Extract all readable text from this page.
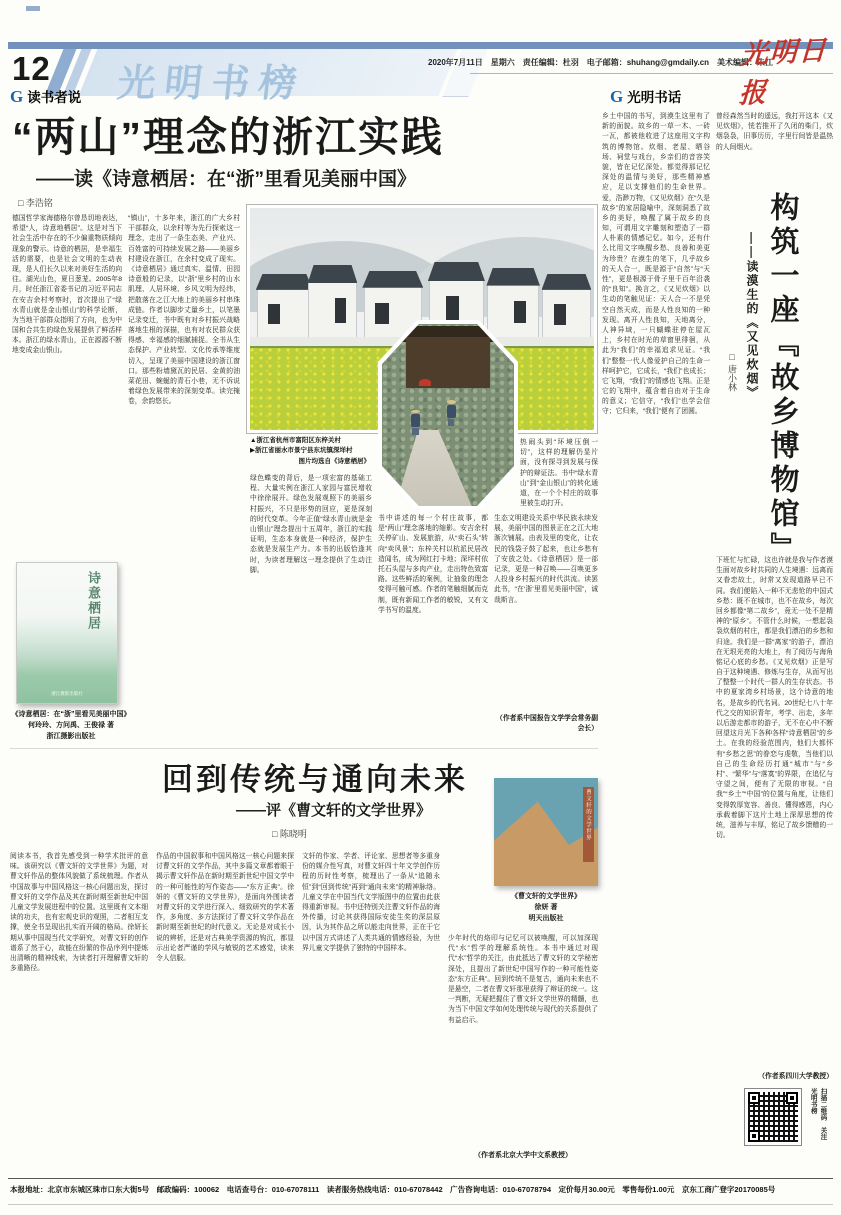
12 光明书榜
2020年7月11日　星期六　责任编辑：杜羽　电子邮箱：shuhang@gmdaily.cn　美术编辑：朱江
光明日报
G 读书者说	G 光明书话
“两山”理念的浙江实践
——读《诗意栖居：在“浙”里看见美丽中国》
□ 李浩铭
德国哲学家海德格尔曾恳切地表达，希望“人，诗意地栖居”。这是对当下社会生活中存在的不少偏重物质倾向现象的警示。诗意的栖居，是幸福生活的需要，也是社会文明的生动表现，是人们长久以来对美好生活的向往。湖光山色，夏日葱茏。2005年8月，时任浙江省委书记的习近平同志在安吉余村考察时，首次提出了“绿水青山就是金山银山”的科学论断，为当地干部群众指明了方向，也为中国和合共生的绿色发展提供了鲜活样本。浙江的绿水青山，正在源源不断地变成金山银山。
“镇山”，十多年来，浙江的广大乡村干部群众，以余村等为先行探索这一理念，走出了一条生态美、产业兴、百姓富的可持续发展之路——美丽乡村建设在浙江，在余村变成了现实。《诗意栖居》通过真实、温情、田园诗意般的记录，以“浙”里乡村的山水肌理、人居环境、乡风文明为经纬，把散落在之江大地上的美丽乡村串珠成链。作者以脚步丈量乡土，以笔墨记录变迁，书中既有对乡村振兴战略落地生根的深描，也有对农民群众获得感、幸福感的细腻捕捉。全书从生态保护、产业转型、文化传承等维度切入，呈现了美丽中国建设的浙江窗口。那些粉墙黛瓦的民居、金黄的油菜花田、蜿蜒的青石小巷，无不诉说着绿色发展带来的深刻变革。读完掩卷，余韵悠长。
诗意栖居
浙江摄影出版社
《诗意栖居：在“浙”里看见美丽中国》
何玲玲、方问禹、王俊禄 著
浙江摄影出版社
▲浙江省杭州市富阳区东梓关村
▶浙江省丽水市景宁县东坑镇深垟村
图片均选自《诗意栖居》
绿色蝶变的背后，是一项宏富的基础工程、大量实例在浙江人家园与富民增收中徐徐展开。绿色发展观照下的美丽乡村振兴，不只是形势的回应，更是深刻的时代变革。今年正值“绿水青山就是金山银山”理念提出十五周年，浙江的实践证明，生态本身就是一种经济，保护生态就是发展生产力。本书的出版恰逢其时，为读者理解这一理念提供了生动注脚。
热闹头到“环境压倒一切”，这样的理解仍显片面，没有探寻到发展与保护的辩证法。书中“绿水青山”到“金山银山”的转化通道，在一个个村庄的故事里被生动打开。
书中讲述的每一个村庄故事，都是“两山”理念落地的缩影。安吉余村关停矿山、发展旅游，从“卖石头”转向“卖风景”；东梓关村以杭派民居改造闻名，成为网红打卡地；深垟村依托石头屋与多肉产业，走出特色致富路。这些鲜活的案例，让抽象的理念变得可触可感。作者的笔触细腻而克制，既有新闻工作者的敏锐，又有文学书写的温度。
生态文明建设关系中华民族永续发展，美丽中国的图景正在之江大地渐次铺展。由表及里的变化，让农民的钱袋子鼓了起来，也让乡愁有了安放之处。《诗意栖居》是一部记录，更是一种召唤——召唤更多人投身乡村振兴的时代洪流。读罢此书，“在‘浙’里看见美丽中国”，诚哉斯言。
（作者系中国报告文学学会常务副会长）
回到传统与通向未来
——评《曹文轩的文学世界》
□ 陈晓明
阅读本书，我首先感受到一种学术批评的意味。该研究以《曹文轩的文学世界》为题，对曹文轩作品的整体风貌做了系统梳理。作者从中国故事与中国风格这一核心问题出发，探讨曹文轩的文学作品及其在新时期至新世纪中国儿童文学发展进程中的位置。这里既有文本细读的功夫，也有宏观史识的观照，二者相互支撑，使全书呈现出扎实而开阔的格局。徐妍长期从事中国现当代文学研究，对曹文轩的创作谱系了然于心，故能在纷繁的作品序列中提炼出清晰的精神线索，为读者打开理解曹文轩的多重路径。
作品的中国叙事和中国风格这一核心问题来探讨曹文轩的文学作品，其中多篇文章都着眼于揭示曹文轩作品在新时期至新世纪中国文学中的一种可能性的写作姿态——“东方正典”。徐妍的《曹文轩的文学世界》，是面向外围读者对曹文轩的文学进行深入、细致研究的学术著作，多角度、多方法探讨了曹文轩文学作品在新时期至新世纪的时代意义。无论是对成长小说的辨析，还是对古典美学资源的钩沉，都显示出论者严谨的学风与敏锐的艺术感觉，读来令人信服。
文轩的作家、学者、评论家、思想者等多重身份的媒介性写真，对曹文轩四十年文学创作历程的历时性考察，梳理出了一条从“追随永恒”到“回到传统”再到“通向未来”的精神脉络。儿童文学在中国当代文学版图中的位置由此获得重新审视。书中还特别关注曹文轩作品的海外传播，讨论其获得国际安徒生奖的深层原因，认为其作品之所以能走向世界，正在于它以中国方式讲述了人类共通的情感经验，为世界儿童文学提供了独特的中国样本。
曹文轩的文学世界
《曹文轩的文学世界》
徐妍 著
明天出版社
少年时代的烙印与记忆可以被唤醒，可以加深现代“水”哲学的理解系统性。本书中通过对现代“水”哲学的关注，由此抵达了曹文轩的文学秘密深处，且提出了新世纪中国写作的一种可能性姿态“东方正典”。回到传统不是复古，通向未来也不是悬空，二者在曹文轩那里获得了辩证的统一。这一判断，无疑把握住了曹文轩文学世界的精髓，也为当下中国文学如何处理传统与现代的关系提供了有益启示。
（作者系北京大学中文系教授）
乡土中国的书写，到漠生这里有了新的面貌。故乡的一草一木、一砖一瓦，都被他收进了这座用文字构筑的博物馆。炊烟、老屋、晒谷场、祠堂与戏台，乡亲们的音容笑貌，皆在记忆深处。都觉得那记忆深处的温情与美好，那些精神感应，足以支撑他们的生命世界。爱，浩渺万物，《又见炊烟》在“久是故乡”的家居隐喻中，深刻洞悉了故乡的美好，唤醒了属于故乡的良知，可谓用文字雕刻和塑造了一群人朴素的情感记忆。如今，还有什么比用文字唤醒乡愁、良善和美更为珍贵？在漠生的笔下，几乎故乡的天人合一，既是源于“自然”与“天性”，更是根源于骨子里千百年沿袭的“良知”。换言之，《又见炊烟》以生动的笔触见证：天人合一不是凭空自然天成，而是人性良知的一种发现。离开人性良知，天地离分，人神异域，一只蝴蝶驻停在屋瓦上，乡村在时光的草窗里徘徊，从此为“我们”的幸福追求见证。“我们”整整一代人像爱护自己的生命一样呵护它，它成长，“我们”也成长；它飞翔，“我们”的情感也飞翔。正是它的飞翔中，蕴含着自由对于生命的意义；它信守，“我们”也学会信守；它归来，“我们”便有了团圆。
曾经森然当时的遥远，我打开这本《又见炊烟》，恍若推开了久闭的柴门，炊烟袅袅，旧事历历，字里行间皆是温热的人间烟火。
构筑一座『故乡博物馆』
——读漠生的《又见炊烟》
□ 唐小林
下班忙与忙碌，这也许就是我与作者漠生面对故乡时共同的人生境遇：远离而又眷恋故土，时常又发现道路早已不同。我们便陷入一种不无悲怆的中国式乡愁：既不在城市，也不在故乡，每次回乡都像“第二故乡”，竟无一处不是精神的“原乡”。不管什么时候，一想起袅袅炊烟的村庄，都是我们漂泊的乡愁和归途。我们是一群“离家”的游子，漂泊在无垠光亮的大地上，有了阅历与海角铭记心底的乡愁。《又见炊烟》正是写自于这种境遇、修炼与生存，从而写出了整整一个时代一群人的生存状态。书中的夏家湾乡村场景，这个诗意的地名，是故乡的代名词。20世纪七八十年代之交的知识青年，考学、出走，多年以后游走都市的游子，无不在心中不断回望这月光下各种各样“诗意栖居”的乡土。在我的经验范围内，他们大都怀有“乡愁之思”的眷恋与虔敬，当他们以自己的生命经历打通“城市”与“乡村”、“繁华”与“落寞”的界限，在追忆与守望之间，便有了无限的审视。“自我”“乡土”“中国”的位置与角度，让他们变得敦厚宽容、善良、懂得感恩，内心承载着脚下这片土地上深厚思想的传统，滋养与丰厚，铭记了故乡馈赠的一切。
（作者系四川大学教授）
扫描二维码　关注光明书榜
本报地址：北京市东城区珠市口东大街5号　邮政编码：100062　电话查号台：010-67078111　读者服务热线电话：010-67078442　广告咨询电话：010-67078794　定价每月30.00元　零售每份1.00元　京东工商广登字20170085号
